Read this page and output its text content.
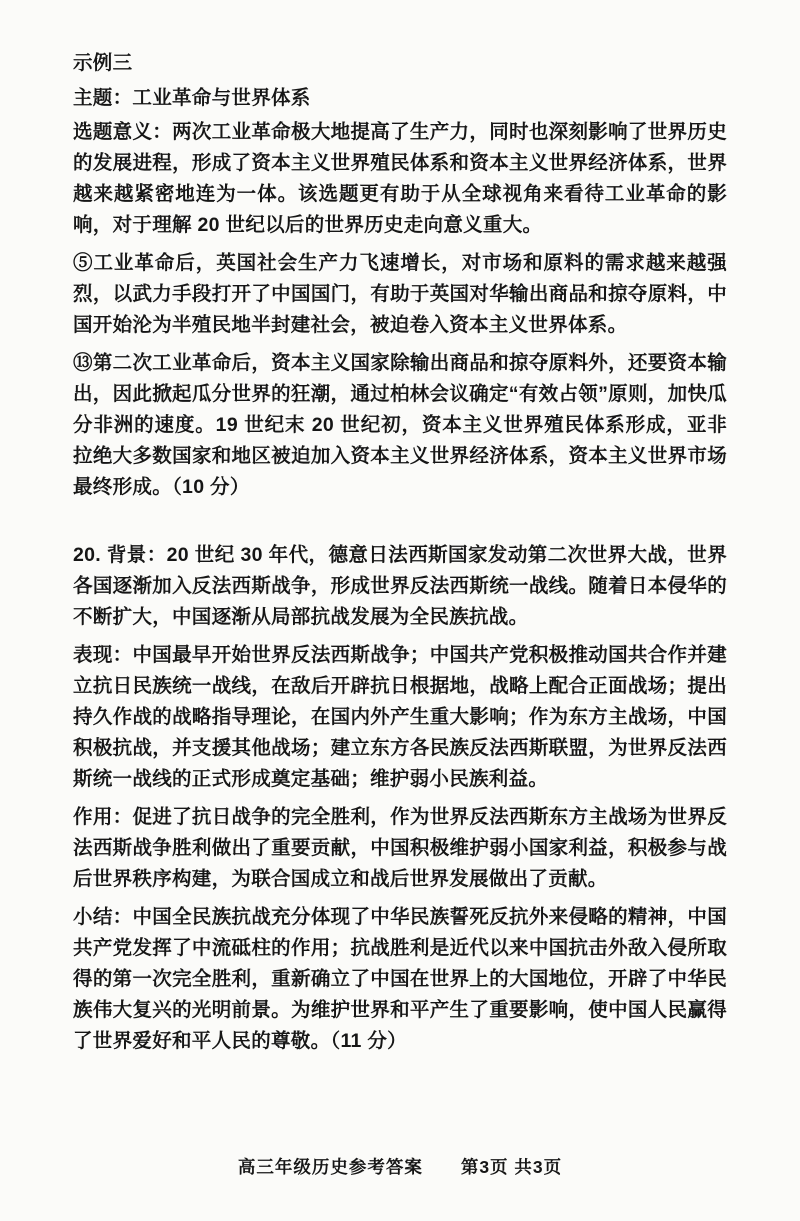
示例三

主题：工业革命与世界体系

选题意义：两次工业革命极大地提高了生产力，同时也深刻影响了世界历史的发展进程，形成了资本主义世界殖民体系和资本主义世界经济体系，世界越来越紧密地连为一体。该选题更有助于从全球视角来看待工业革命的影响，对于理解 20 世纪以后的世界历史走向意义重大。

⑤工业革命后，英国社会生产力飞速增长，对市场和原料的需求越来越强烈，以武力手段打开了中国国门，有助于英国对华输出商品和掠夺原料，中国开始沦为半殖民地半封建社会，被迫卷入资本主义世界体系。

⑬第二次工业革命后，资本主义国家除输出商品和掠夺原料外，还要资本输出，因此掀起瓜分世界的狂潮，通过柏林会议确定“有效占领”原则，加快瓜分非洲的速度。19 世纪末 20 世纪初，资本主义世界殖民体系形成，亚非拉绝大多数国家和地区被迫加入资本主义世界经济体系，资本主义世界市场最终形成。（10 分）

20. 背景：20 世纪 30 年代，德意日法西斯国家发动第二次世界大战，世界各国逐渐加入反法西斯战争，形成世界反法西斯统一战线。随着日本侵华的不断扩大，中国逐渐从局部抗战发展为全民族抗战。

表现：中国最早开始世界反法西斯战争；中国共产党积极推动国共合作并建立抗日民族统一战线，在敌后开辟抗日根据地，战略上配合正面战场；提出持久作战的战略指导理论，在国内外产生重大影响；作为东方主战场，中国积极抗战，并支援其他战场；建立东方各民族反法西斯联盟，为世界反法西斯统一战线的正式形成奠定基础；维护弱小民族利益。

作用：促进了抗日战争的完全胜利，作为世界反法西斯东方主战场为世界反法西斯战争胜利做出了重要贡献，中国积极维护弱小国家利益，积极参与战后世界秩序构建，为联合国成立和战后世界发展做出了贡献。

小结：中国全民族抗战充分体现了中华民族誓死反抗外来侵略的精神，中国共产党发挥了中流砥柱的作用；抗战胜利是近代以来中国抗击外敌入侵所取得的第一次完全胜利，重新确立了中国在世界上的大国地位，开辟了中华民族伟大复兴的光明前景。为维护世界和平产生了重要影响，使中国人民赢得了世界爱好和平人民的尊敬。（11 分）

高三年级历史参考答案 第3页 共3页
